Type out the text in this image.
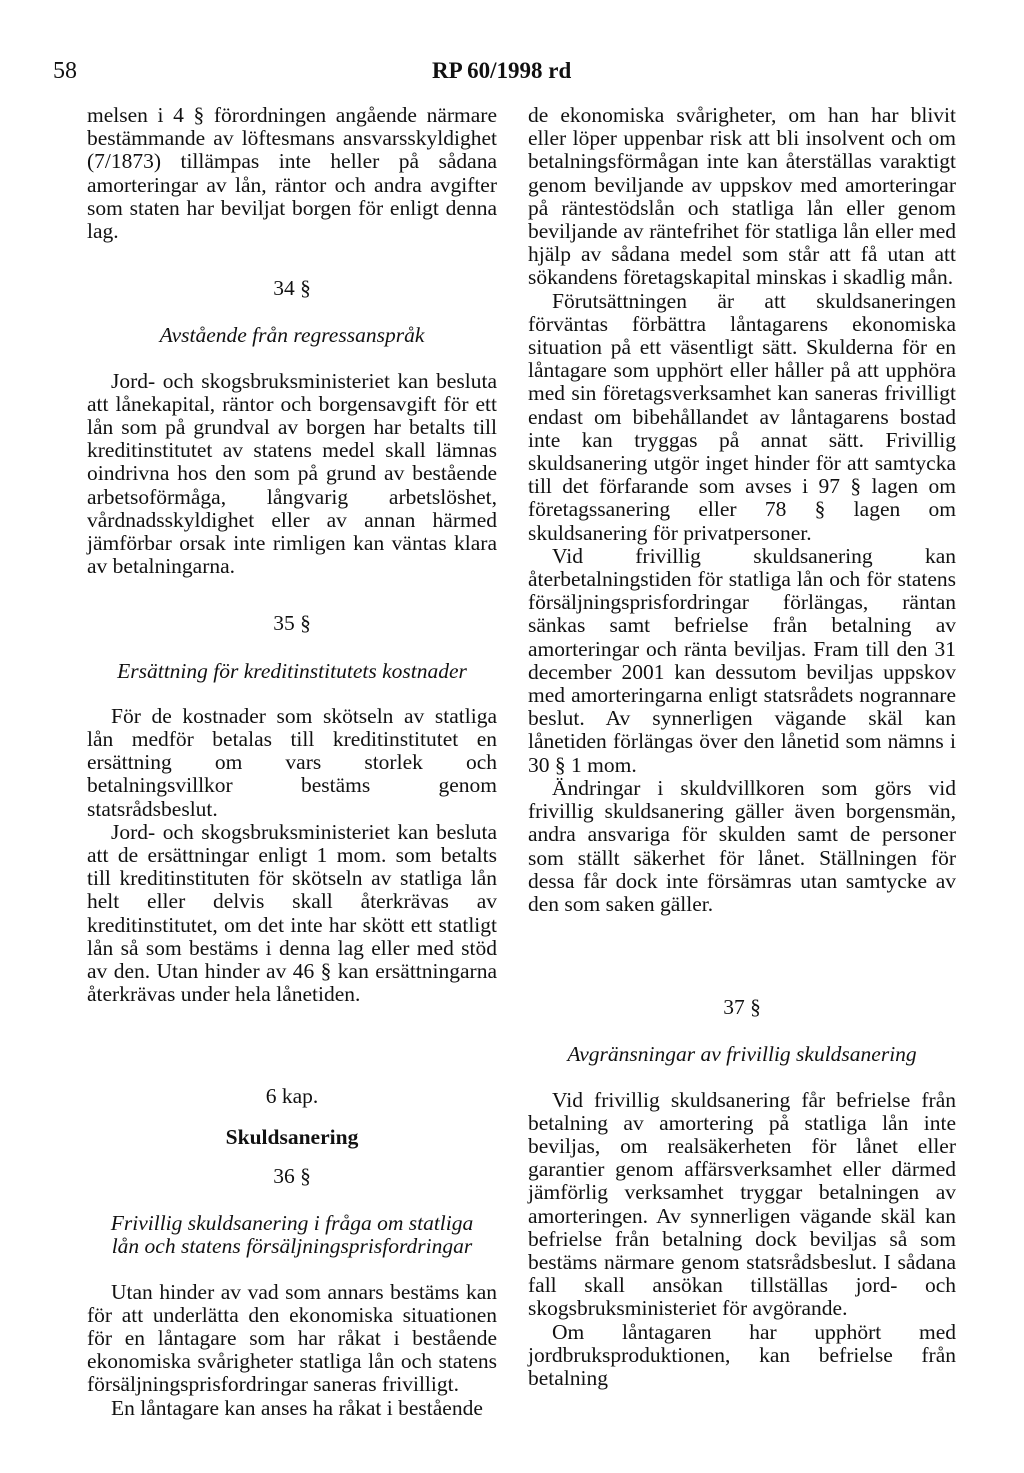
58	RP 60/1998 rd

melsen i 4 § förordningen angående närmare bestämmande av löftesmans ansvarsskyldighet (7/1873) tillämpas inte heller på sådana amorteringar av lån, räntor och andra avgifter som staten har beviljat borgen för enligt denna lag.

34 §

Avstående från regressanspråk

Jord- och skogsbruksministeriet kan besluta att lånekapital, räntor och borgensavgift för ett lån som på grundval av borgen har betalts till kreditinstitutet av statens medel skall lämnas oindrivna hos den som på grund av bestående arbetsoförmåga, långvarig arbetslöshet, vårdnadsskyldighet eller av annan härmed jämförbar orsak inte rimligen kan väntas klara av betalningarna.

35 §

Ersättning för kreditinstitutets kostnader

För de kostnader som skötseln av statliga lån medför betalas till kreditinstitutet en ersättning om vars storlek och betalningsvillkor bestäms genom statsrådsbeslut.

Jord- och skogsbruksministeriet kan besluta att de ersättningar enligt 1 mom. som betalts till kreditinstituten för skötseln av statliga lån helt eller delvis skall återkrävas av kreditinstitutet, om det inte har skött ett statligt lån så som bestäms i denna lag eller med stöd av den. Utan hinder av 46 § kan ersättningarna återkrävas under hela lånetiden.

6 kap.

Skuldsanering

36 §

Frivillig skuldsanering i fråga om statliga

lån och statens försäljningsprisfordringar

Utan hinder av vad som annars bestäms kan för att underlätta den ekonomiska situationen för en låntagare som har råkat i bestående ekonomiska svårigheter statliga lån och statens försäljningsprisfordringar saneras frivilligt.

En låntagare kan anses ha råkat i bestående

de ekonomiska svårigheter, om han har blivit eller löper uppenbar risk att bli insolvent och om betalningsförmågan inte kan återställas varaktigt genom beviljande av uppskov med amorteringar på räntestödslån och statliga lån eller genom beviljande av räntefrihet för statliga lån eller med hjälp av sådana medel som står att få utan att sökandens företagskapital minskas i skadlig mån.

Förutsättningen är att skuldsaneringen förväntas förbättra låntagarens ekonomiska situation på ett väsentligt sätt. Skulderna för en låntagare som upphört eller håller på att upphöra med sin företagsverksamhet kan saneras frivilligt endast om bibehållandet av låntagarens bostad inte kan tryggas på annat sätt. Frivillig skuldsanering utgör inget hinder för att samtycka till det förfarande som avses i 97 § lagen om företagssanering eller 78 § lagen om skuldsanering för privatpersoner.

Vid frivillig skuldsanering kan återbetalningstiden för statliga lån och för statens försäljningsprisfordringar förlängas, räntan sänkas samt befrielse från betalning av amorteringar och ränta beviljas. Fram till den 31 december 2001 kan dessutom beviljas uppskov med amorteringarna enligt statsrådets nogrannare beslut. Av synnerligen vägande skäl kan lånetiden förlängas över den lånetid som nämns i 30 § 1 mom.

Ändringar i skuldvillkoren som görs vid frivillig skuldsanering gäller även borgensmän, andra ansvariga för skulden samt de personer som ställt säkerhet för lånet. Ställningen för dessa får dock inte försämras utan samtycke av den som saken gäller.

37 §

Avgränsningar av frivillig skuldsanering

Vid frivillig skuldsanering får befrielse från betalning av amortering på statliga lån inte beviljas, om realsäkerheten för lånet eller garantier genom affärsverksamhet eller därmed jämförlig verksamhet tryggar betalningen av amorteringen. Av synnerligen vägande skäl kan befrielse från betalning dock beviljas så som bestäms närmare genom statsrådsbeslut. I sådana fall skall ansökan tillställas jord- och skogsbruksministeriet för avgörande.

Om låntagaren har upphört med jordbruksproduktionen, kan befrielse från betalning
